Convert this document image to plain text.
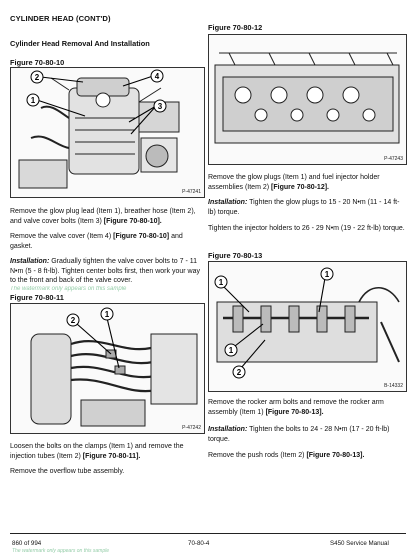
CYLINDER HEAD (CONT'D)
Cylinder Head Removal And Installation
Figure 70-80-10
2	4
1
3
P-47241
Remove the glow plug lead (Item 1), breather hose (Item 2), and valve cover bolts (Item 3) [Figure 70-80-10].
Remove the valve cover (Item 4) [Figure 70-80-10] and gasket.
Installation: Gradually tighten the valve cover bolts to 7 - 11 N•m (5 - 8 ft-lb). Tighten center bolts first, then work your way to the front and back of the valve cover.
The watermark only appears on this sample
Figure 70-80-11
2
1
P-47242
Loosen the bolts on the clamps (Item 1) and remove the injection tubes (Item 2) [Figure 70-80-11].
Remove the overflow tube assembly.
Figure 70-80-12
P-47243
Remove the glow plugs (Item 1) and fuel injector holder assemblies (Item 2) [Figure 70-80-12].
Installation: Tighten the glow plugs to 15 - 20 N•m (11 - 14 ft-lb) torque.
Tighten the injector holders to 26 - 29 N•m (19 - 22 ft-lb) torque.
Figure 70-80-13
1
1
1
2
B-14332
Remove the rocker arm bolts and remove the rocker arm assembly (Item 1) [Figure 70-80-13].
Installation: Tighten the bolts to 24 - 28 N•m (17 - 20 ft-lb) torque.
Remove the push rods (Item 2) [Figure 70-80-13].
860 of 994	70-80-4	S450 Service Manual
The watermark only appears on this sample
